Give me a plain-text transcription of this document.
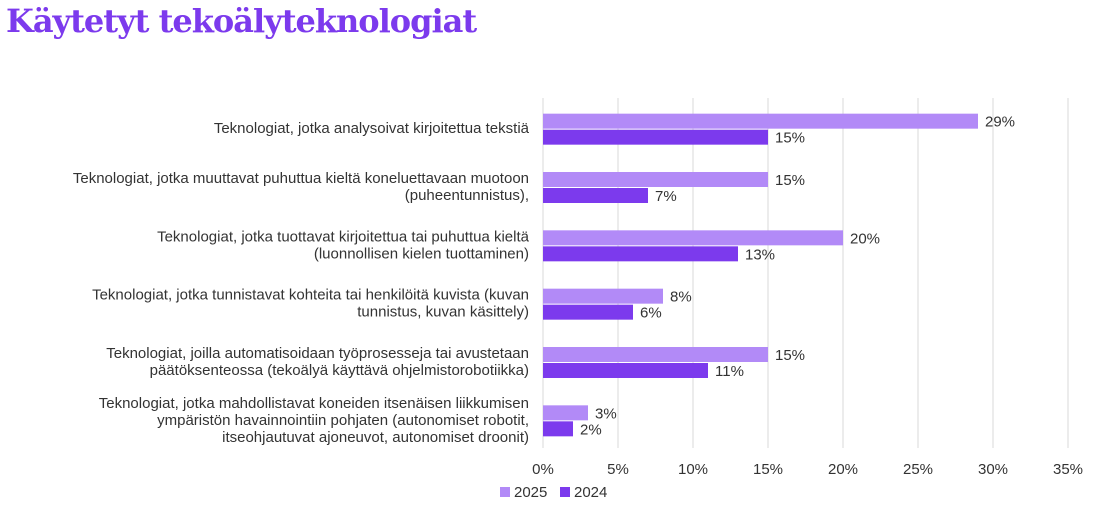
Käytetyt tekoälyteknologiat
0%	5%	10%	15%	20%	25%	30%	35%
29%
15%
Teknologiat, jotka analysoivat kirjoitettua tekstiä
15%
7%
Teknologiat, jotka muuttavat puhuttua kieltä koneluettavaan muotoon (puheentunnistus),
20%
13%
Teknologiat, jotka tuottavat kirjoitettua tai puhuttua kieltä (luonnollisen kielen tuottaminen)
8%
6%
Teknologiat, jotka tunnistavat kohteita tai henkilöitä kuvista (kuvan tunnistus, kuvan käsittely)
15%
11%
Teknologiat, joilla automatisoidaan työprosesseja tai avustetaan päätöksenteossa (tekoälyä käyttävä ohjelmistorobotiikka)
3%
2%
Teknologiat, jotka mahdollistavat koneiden itsenäisen liikkumisen ympäristön havainnointiin pohjaten (autonomiset robotit, itseohjautuvat ajoneuvot, autonomiset droonit)
2025 2024
